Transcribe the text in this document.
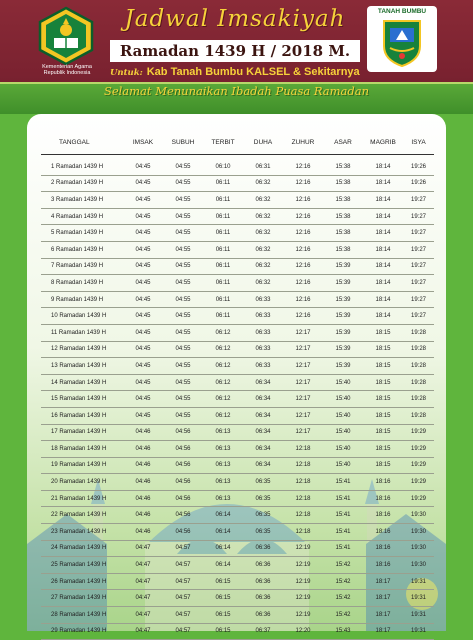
Kementerian Agama
Republik Indonesia
TANAH BUMBU
Jadwal Imsakiyah
Ramadan 1439 H / 2018 M.
Untuk: Kab Tanah Bumbu KALSEL & Sekitarnya
Selamat Menunaikan Ibadah Puasa Ramadan
TANGGAL	IMSAK	SUBUH	TERBIT	DUHA	ZUHUR	ASAR	MAGRIB	ISYA
1 Ramadan 1439 H	04:45	04:55	06:10	06:31	12:16	15:38	18:14	19:26
2 Ramadan 1439 H	04:45	04:55	06:11	06:32	12:16	15:38	18:14	19:26
3 Ramadan 1439 H	04:45	04:55	06:11	06:32	12:16	15:38	18:14	19:27
4 Ramadan 1439 H	04:45	04:55	06:11	06:32	12:16	15:38	18:14	19:27
5 Ramadan 1439 H	04:45	04:55	06:11	06:32	12:16	15:38	18:14	19:27
6 Ramadan 1439 H	04:45	04:55	06:11	06:32	12:16	15:38	18:14	19:27
7 Ramadan 1439 H	04:45	04:55	06:11	06:32	12:16	15:39	18:14	19:27
8 Ramadan 1439 H	04:45	04:55	06:11	06:32	12:16	15:39	18:14	19:27
9 Ramadan 1439 H	04:45	04:55	06:11	06:33	12:16	15:39	18:14	19:27
10 Ramadan 1439 H	04:45	04:55	06:11	06:33	12:16	15:39	18:14	19:27
11 Ramadan 1439 H	04:45	04:55	06:12	06:33	12:17	15:39	18:15	19:28
12 Ramadan 1439 H	04:45	04:55	06:12	06:33	12:17	15:39	18:15	19:28
13 Ramadan 1439 H	04:45	04:55	06:12	06:33	12:17	15:39	18:15	19:28
14 Ramadan 1439 H	04:45	04:55	06:12	06:34	12:17	15:40	18:15	19:28
15 Ramadan 1439 H	04:45	04:55	06:12	06:34	12:17	15:40	18:15	19:28
16 Ramadan 1439 H	04:45	04:55	06:12	06:34	12:17	15:40	18:15	19:28
17 Ramadan 1439 H	04:46	04:56	06:13	06:34	12:17	15:40	18:15	19:29
18 Ramadan 1439 H	04:46	04:56	06:13	06:34	12:18	15:40	18:15	19:29
19 Ramadan 1439 H	04:46	04:56	06:13	06:34	12:18	15:40	18:15	19:29
20 Ramadan 1439 H	04:46	04:56	06:13	06:35	12:18	15:41	18:16	19:29
21 Ramadan 1439 H	04:46	04:56	06:13	06:35	12:18	15:41	18:16	19:29
22 Ramadan 1439 H	04:46	04:56	06:14	06:35	12:18	15:41	18:16	19:30
23 Ramadan 1439 H	04:46	04:56	06:14	06:35	12:18	15:41	18:16	19:30
24 Ramadan 1439 H	04:47	04:57	06:14	06:36	12:19	15:41	18:16	19:30
25 Ramadan 1439 H	04:47	04:57	06:14	06:36	12:19	15:42	18:16	19:30
26 Ramadan 1439 H	04:47	04:57	06:15	06:36	12:19	15:42	18:17	19:31
27 Ramadan 1439 H	04:47	04:57	06:15	06:36	12:19	15:42	18:17	19:31
28 Ramadan 1439 H	04:47	04:57	06:15	06:36	12:19	15:42	18:17	19:31
29 Ramadan 1439 H	04:47	04:57	06:15	06:37	12:20	15:43	18:17	19:31
